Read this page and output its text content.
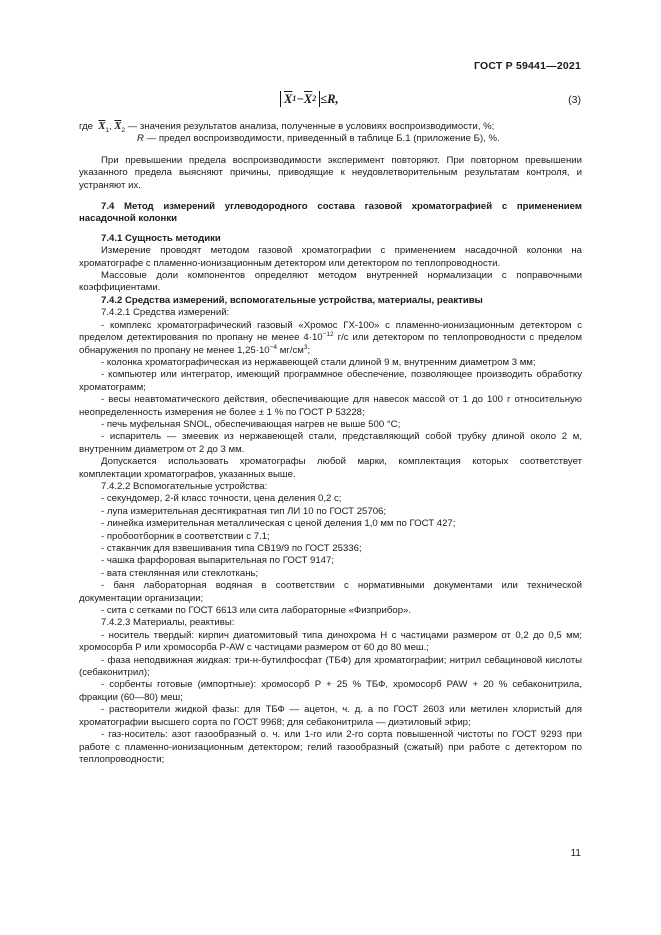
ГОСТ Р 59441—2021
$\overline{X}$ $1 - \overline{X}$ 2 ≤ R ,	(3)

где $\overline{X}_1$, $\overline{X}_2$ — значения результатов анализа, полученные в условиях воспроизводимости, %;

R — предел воспроизводимости, приведенный в таблице Б.1 (приложение Б), %.

При превышении предела воспроизводимости эксперимент повторяют. При повторном превышении указанного предела выясняют причины, приводящие к неудовлетворительным результатам контроля, и устраняют их.

7.4 Метод измерений углеводородного состава газовой хроматографией с применением насадочной колонки

7.4.1 Сущность методики

Измерение проводят методом газовой хроматографии с применением насадочной колонки на хроматографе с пламенно-ионизационным детектором или детектором по теплопроводности.

Массовые доли компонентов определяют методом внутренней нормализации с поправочными коэффициентами.

7.4.2 Средства измерений, вспомогательные устройства, материалы, реактивы

7.4.2.1 Средства измерений:

- комплекс хроматографический газовый «Хромос ГХ-100» с пламенно-ионизационным детектором с пределом детектирования по пропану не менее $4\cdot 10^{-12}$ г/с или детектором по теплопроводности с пределом обнаружения по пропану не менее $1,25\cdot 10^{-4}$ $мг/см^3$;

- колонка хроматографическая из нержавеющей стали длиной 9 м, внутренним диаметром 3 мм;

- компьютер или интегратор, имеющий программное обеспечение, позволяющее производить обработку хроматограмм;

- весы неавтоматического действия, обеспечивающие для навесок массой от 1 до 100 г относительную неопределенность измерения не более ± 1 % по ГОСТ Р 53228;

- печь муфельная SNOL, обеспечивающая нагрев не выше 500 °С;

- испаритель — змеевик из нержавеющей стали, представляющий собой трубку длиной около 2 м, внутренним диаметром от 2 до 3 мм.

Допускается использовать хроматографы любой марки, комплектация которых соответствует комплектации хроматографов, указанных выше.

7.4.2.2 Вспомогательные устройства:

- секундомер, 2-й класс точности, цена деления 0,2 с;

- лупа измерительная десятикратная тип ЛИ 10 по ГОСТ 25706;

- линейка измерительная металлическая с ценой деления 1,0 мм по ГОСТ 427;

- пробоотборник в соответствии с 7.1;

- стаканчик для взвешивания типа СВ19/9 по ГОСТ 25336;

- чашка фарфоровая выпарительная по ГОСТ 9147;

- вата стеклянная или стеклоткань;

- баня лабораторная водяная в соответствии с нормативными документами или технической документации организации;

- сита с сетками по ГОСТ 6613 или сита лабораторные «Физприбор».

7.4.2.3 Материалы, реактивы:

- носитель твердый: кирпич диатомитовый типа динохрома Н с частицами размером от 0,2 до 0,5 мм; хромосорба Р или хромосорба P-AW с частицами размером от 60 до 80 меш.;

- фаза неподвижная жидкая: три-н-бутилфосфат (ТБФ) для хроматографии; нитрил себациновой кислоты (себаконитрил);

- сорбенты готовые (импортные): хромосорб Р + 25 % ТБФ, хромосорб PAW + 20 % себаконитрила, фракции (60—80) меш;

- растворители жидкой фазы: для ТБФ — ацетон, ч. д. а по ГОСТ 2603 или метилен хлористый для хроматографии высшего сорта по ГОСТ 9968; для себаконитрила — диэтиловый эфир;

- газ-носитель: азот газообразный о. ч. или 1-го или 2-го сорта повышенной чистоты по ГОСТ 9293 при работе с пламенно-ионизационным детектором; гелий газообразный (сжатый) при работе с детектором по теплопроводности;

11
